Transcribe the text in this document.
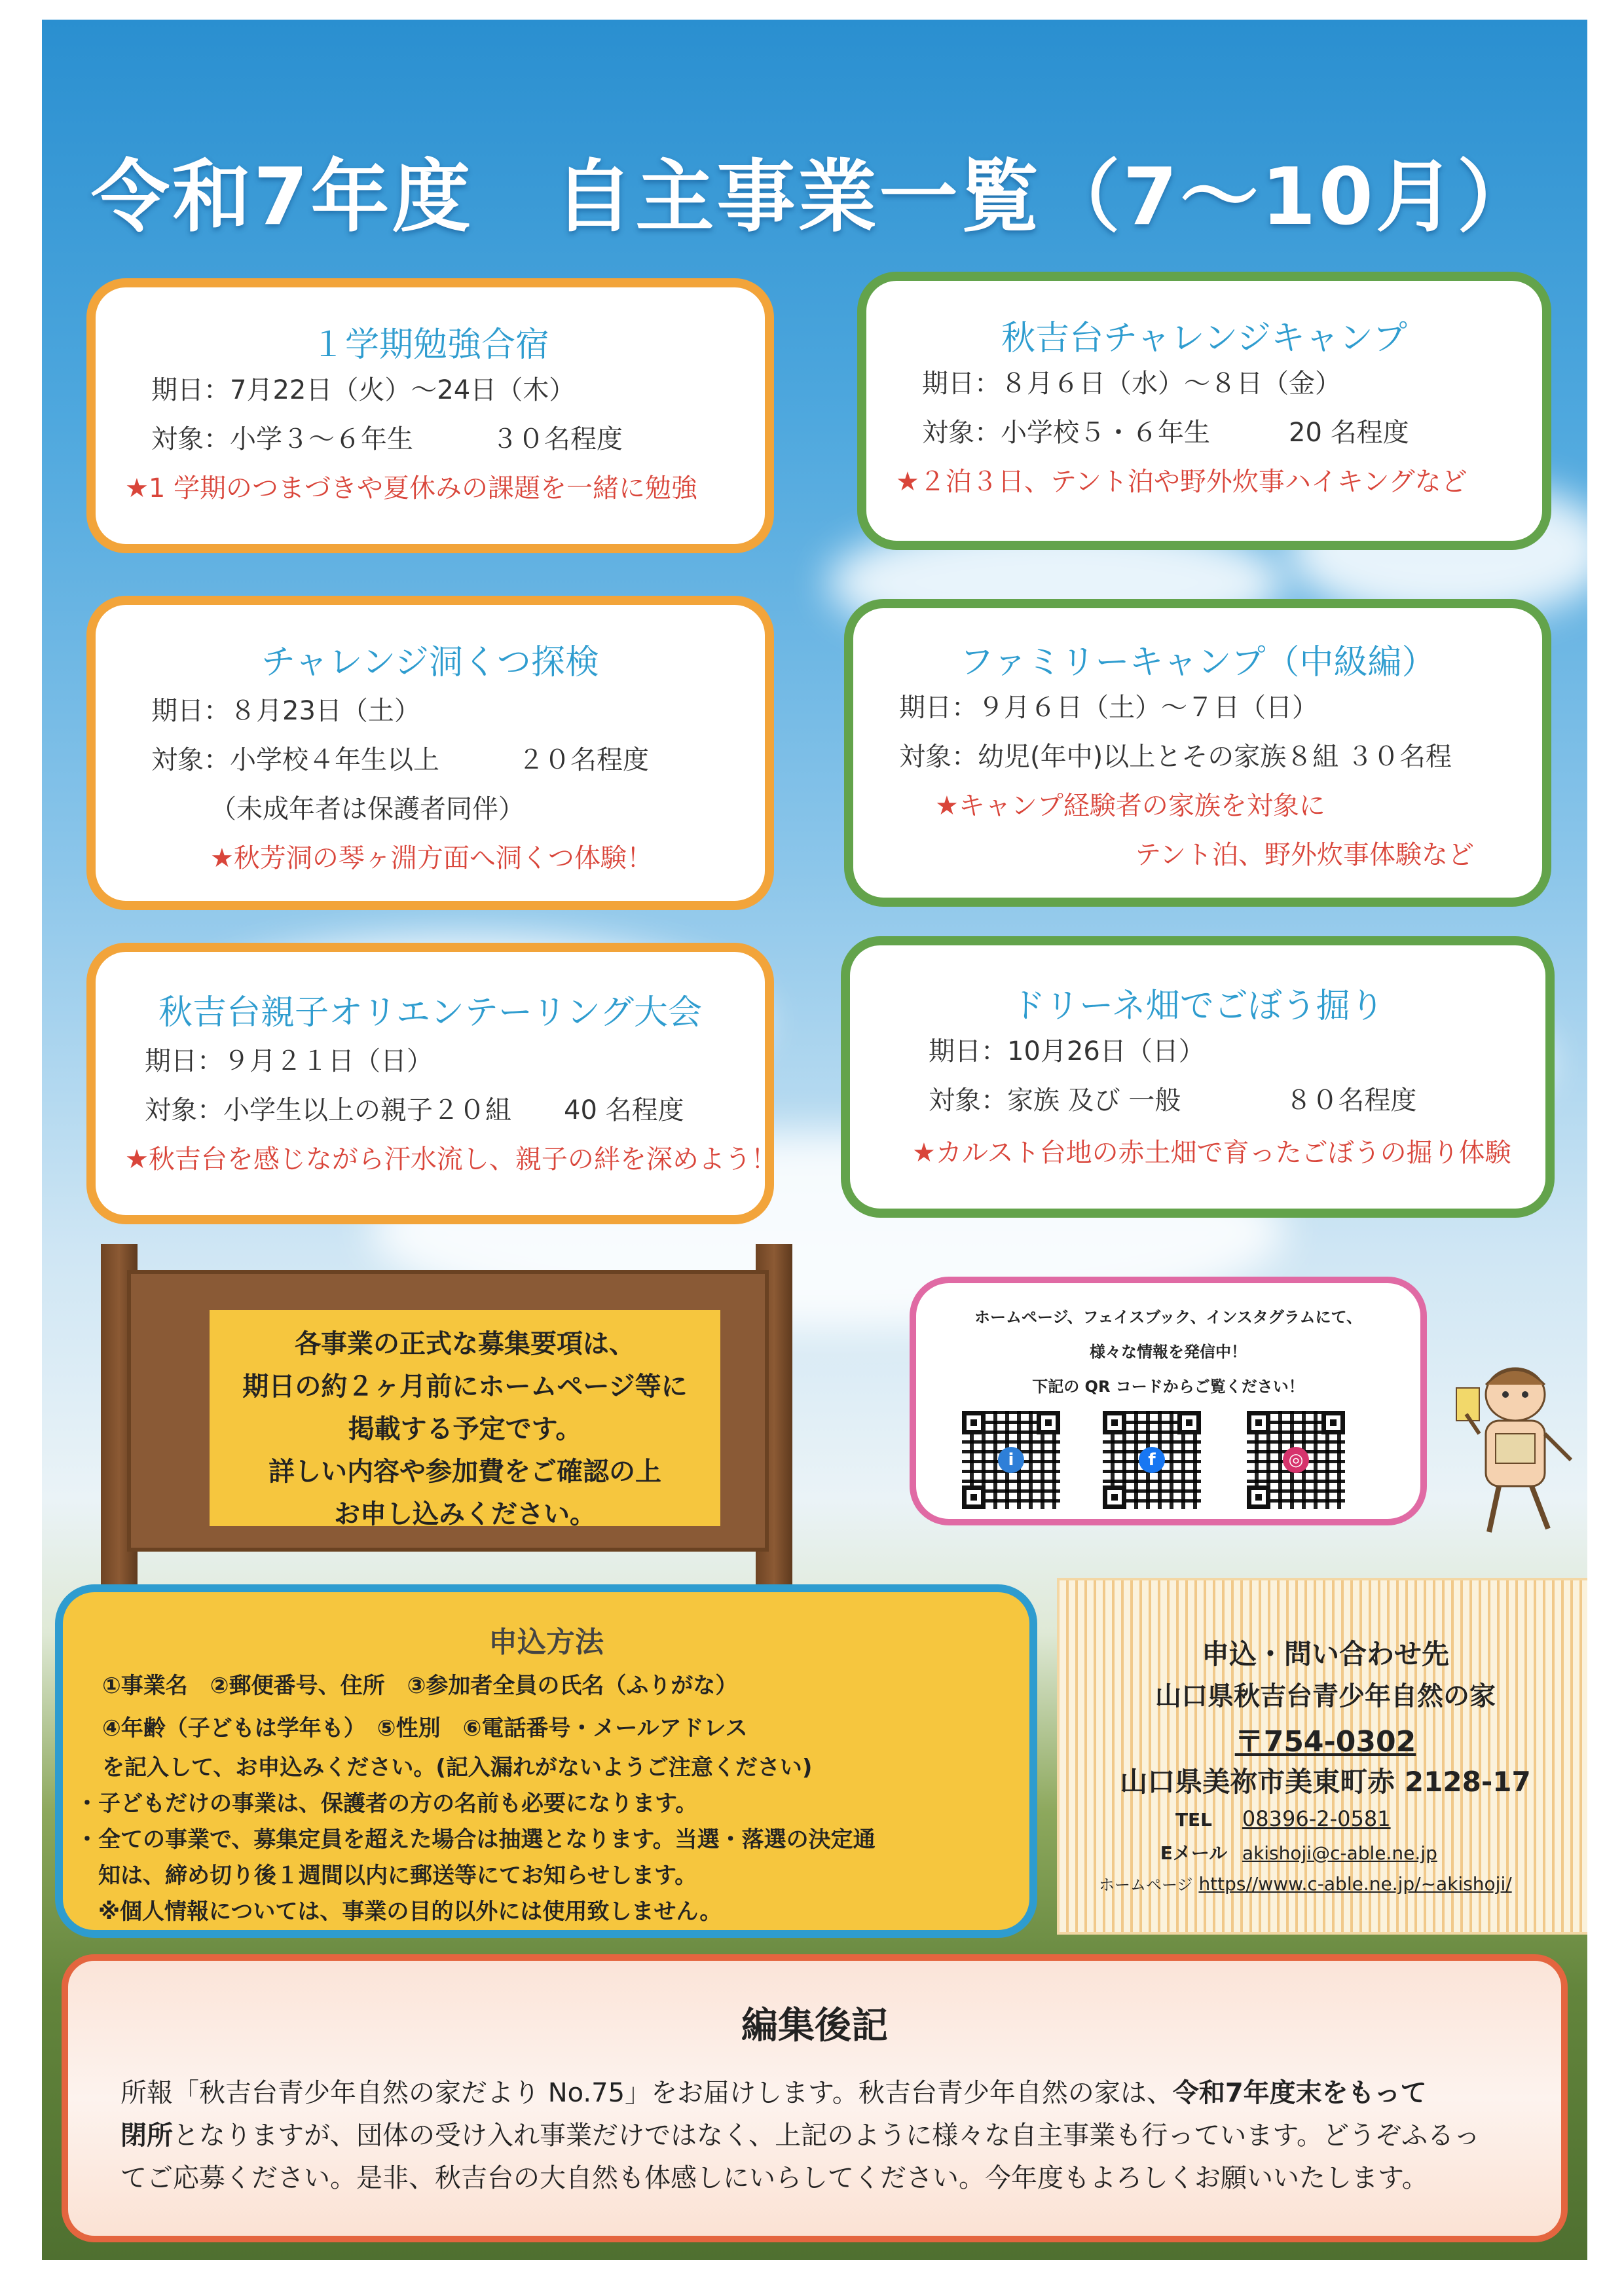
令和7年度　自主事業一覧（7～10月）
１学期勉強合宿
期日：7月22日（火）～24日（木）
対象：小学３～６年生　　　３０名程度
★1 学期のつまづきや夏休みの課題を一緒に勉強
秋吉台チャレンジキャンプ
期日：８月６日（水）～８日（金）
対象：小学校５・６年生　　　20 名程度
★２泊３日、テント泊や野外炊事ハイキングなど
チャレンジ洞くつ探検
期日：８月23日（土）
対象：小学校４年生以上　　　２０名程度
（未成年者は保護者同伴）
★秋芳洞の琴ヶ淵方面へ洞くつ体験！
ファミリーキャンプ（中級編）
期日：９月６日（土）～７日（日）
対象：幼児(年中)以上とその家族８組 ３０名程
★キャンプ経験者の家族を対象に
テント泊、野外炊事体験など
秋吉台親子オリエンテーリング大会
期日：９月２１日（日）
対象：小学生以上の親子２０組　　40 名程度
★秋吉台を感じながら汗水流し、親子の絆を深めよう！
ドリーネ畑でごぼう掘り
期日：10月26日（日）
対象：家族 及び 一般　　　　８０名程度
★カルスト台地の赤土畑で育ったごぼうの掘り体験
各事業の正式な募集要項は、
期日の約２ヶ月前にホームページ等に
掲載する予定です。
詳しい内容や参加費をご確認の上
お申し込みください。
ホームページ、フェイスブック、インスタグラムにて、
様々な情報を発信中！
下記の QR コードからご覧ください！
i	f	◎
申込方法
①事業名　②郵便番号、住所　③参加者全員の氏名（ふりがな）
④年齢（子どもは学年も）　⑤性別　⑥電話番号・メールアドレス
を記入して、お申込みください。(記入漏れがないようご注意ください)
・子どもだけの事業は、保護者の方の名前も必要になります。
・全ての事業で、募集定員を超えた場合は抽選となります。当選・落選の決定通
　知は、締め切り後１週間以内に郵送等にてお知らせします。
　※個人情報については、事業の目的以外には使用致しません。
申込・問い合わせ先
山口県秋吉台青少年自然の家
〒754-0302
山口県美祢市美東町赤 2128-17
TEL 08396-2-0581
Eメール akishoji@c-able.ne.jp
ホームページ https//www.c-able.ne.jp/~akishoji/
編集後記
所報「秋吉台青少年自然の家だより No.75」をお届けします。秋吉台青少年自然の家は、令和7年度末をもって
閉所となりますが、団体の受け入れ事業だけではなく、上記のように様々な自主事業も行っています。どうぞふるっ
てご応募ください。是非、秋吉台の大自然も体感しにいらしてください。今年度もよろしくお願いいたします。
